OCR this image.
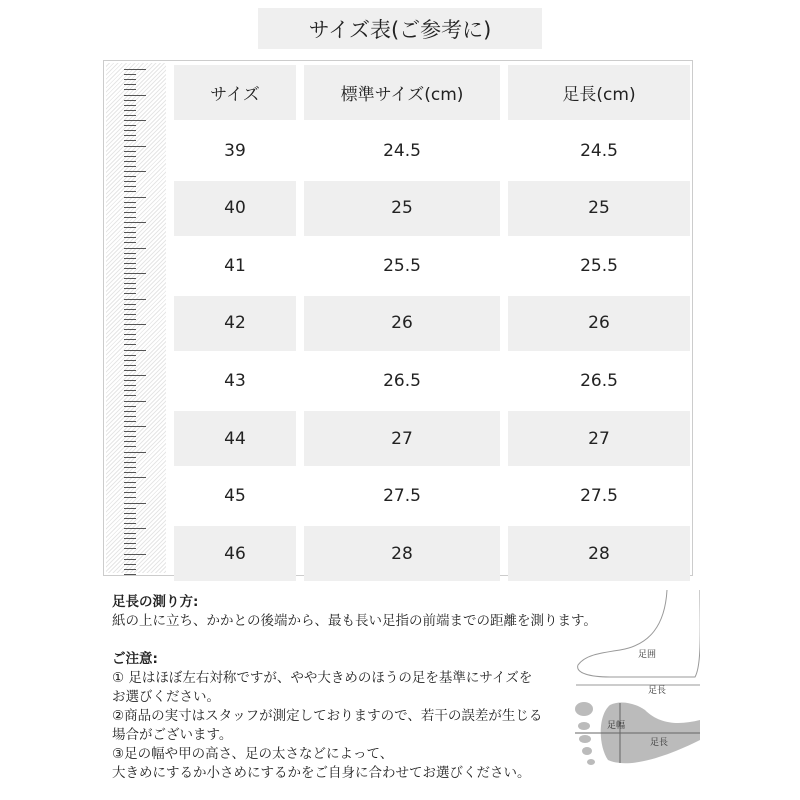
サイズ表(ご参考に)
サイズ	標準サイズ(cm)	足長(cm)
39	24.5	24.5
40	25	25
41	25.5	25.5
42	26	26
43	26.5	26.5
44	27	27
45	27.5	27.5
46	28	28
足長の測り方:
紙の上に立ち、かかとの後端から、最も長い足指の前端までの距離を測ります。
ご注意:
① 足はほぼ左右対称ですが、やや大きめのほうの足を基準にサイズを
お選びください。
②商品の実寸はスタッフが測定しておりますので、若干の誤差が生じる
場合がございます。
③足の幅や甲の高さ、足の太さなどによって、
大きめにするか小さめにするかをご自身に合わせてお選びください。
足囲
足長
足幅
足長
